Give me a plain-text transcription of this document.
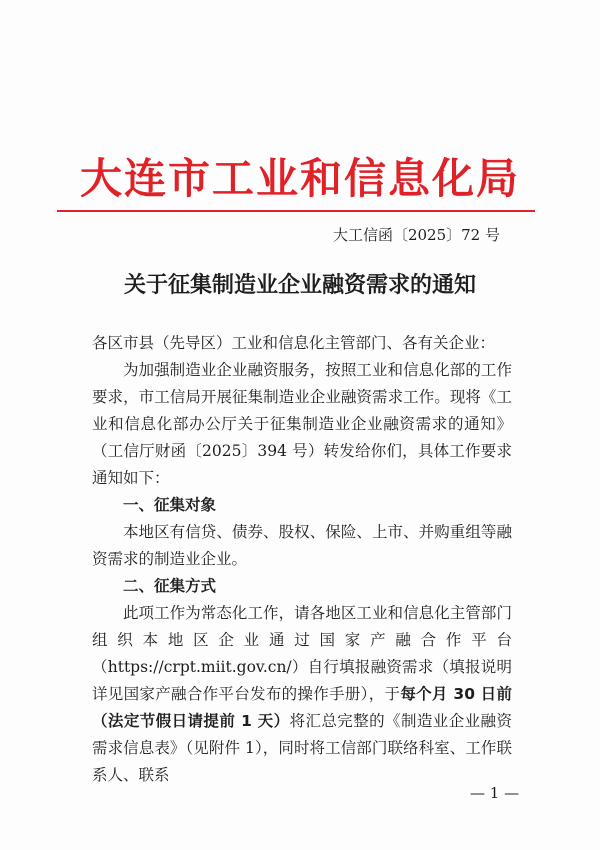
大连市工业和信息化局
大工信函〔2025〕72 号
关于征集制造业企业融资需求的通知

各区市县（先导区）工业和信息化主管部门、各有关企业：

为加强制造业企业融资服务，按照工业和信息化部的工作要求，市工信局开展征集制造业企业融资需求工作。现将《工业和信息化部办公厅关于征集制造业企业融资需求的通知》（工信厅财函〔2025〕394 号）转发给你们，具体工作要求通知如下：

一、征集对象

本地区有信贷、债券、股权、保险、上市、并购重组等融资需求的制造业企业。

二、征集方式

此项工作为常态化工作，请各地区工业和信息化主管部门组织本地区企业通过国家产融合作平台（https://crpt.miit.gov.cn/）自行填报融资需求（填报说明详见国家产融合作平台发布的操作手册），于每个月 30 日前（法定节假日请提前 1 天）将汇总完整的《制造业企业融资需求信息表》（见附件 1），同时将工信部门联络科室、工作联系人、联系

— 1 —
